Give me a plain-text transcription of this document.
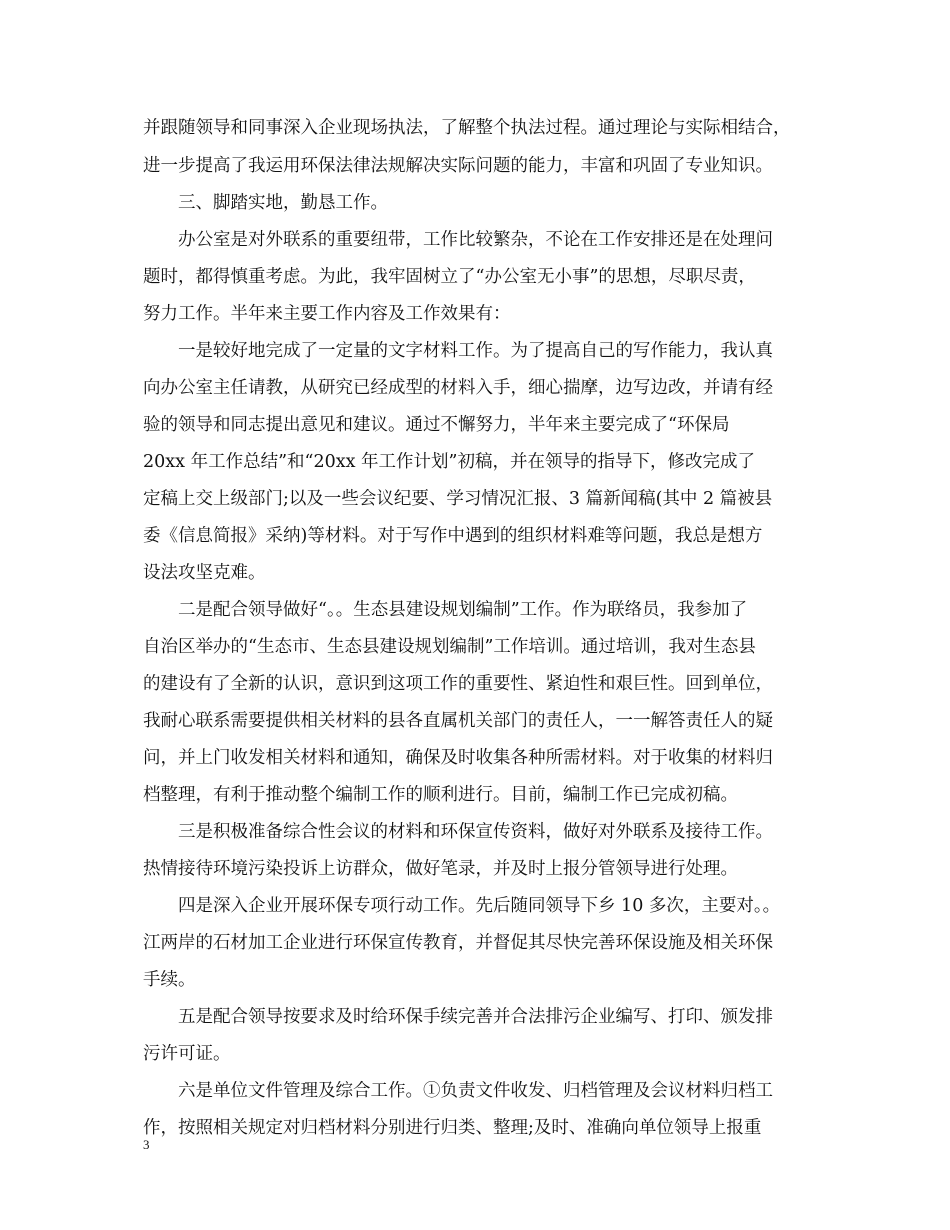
并跟随领导和同事深入企业现场执法，了解整个执法过程。通过理论与实际相结合，
进一步提高了我运用环保法律法规解决实际问题的能力，丰富和巩固了专业知识。
三、脚踏实地，勤恳工作。
办公室是对外联系的重要纽带，工作比较繁杂，不论在工作安排还是在处理问
题时，都得慎重考虑。为此，我牢固树立了“办公室无小事”的思想，尽职尽责，
努力工作。半年来主要工作内容及工作效果有：
一是较好地完成了一定量的文字材料工作。为了提高自己的写作能力，我认真
向办公室主任请教，从研究已经成型的材料入手，细心揣摩，边写边改，并请有经
验的领导和同志提出意见和建议。通过不懈努力，半年来主要完成了“环保局
20xx 年工作总结”和“20xx 年工作计划”初稿，并在领导的指导下，修改完成了
定稿上交上级部门;以及一些会议纪要、学习情况汇报、3 篇新闻稿(其中 2 篇被县
委《信息简报》采纳)等材料。对于写作中遇到的组织材料难等问题，我总是想方
设法攻坚克难。
二是配合领导做好“。。生态县建设规划编制”工作。作为联络员，我参加了
自治区举办的“生态市、生态县建设规划编制”工作培训。通过培训，我对生态县
的建设有了全新的认识，意识到这项工作的重要性、紧迫性和艰巨性。回到单位，
我耐心联系需要提供相关材料的县各直属机关部门的责任人，一一解答责任人的疑
问，并上门收发相关材料和通知，确保及时收集各种所需材料。对于收集的材料归
档整理，有利于推动整个编制工作的顺利进行。目前，编制工作已完成初稿。
三是积极准备综合性会议的材料和环保宣传资料，做好对外联系及接待工作。
热情接待环境污染投诉上访群众，做好笔录，并及时上报分管领导进行处理。
四是深入企业开展环保专项行动工作。先后随同领导下乡 10 多次，主要对。。
江两岸的石材加工企业进行环保宣传教育，并督促其尽快完善环保设施及相关环保
手续。
五是配合领导按要求及时给环保手续完善并合法排污企业编写、打印、颁发排
污许可证。
六是单位文件管理及综合工作。①负责文件收发、归档管理及会议材料归档工
作，按照相关规定对归档材料分别进行归类、整理;及时、准确向单位领导上报重
3
